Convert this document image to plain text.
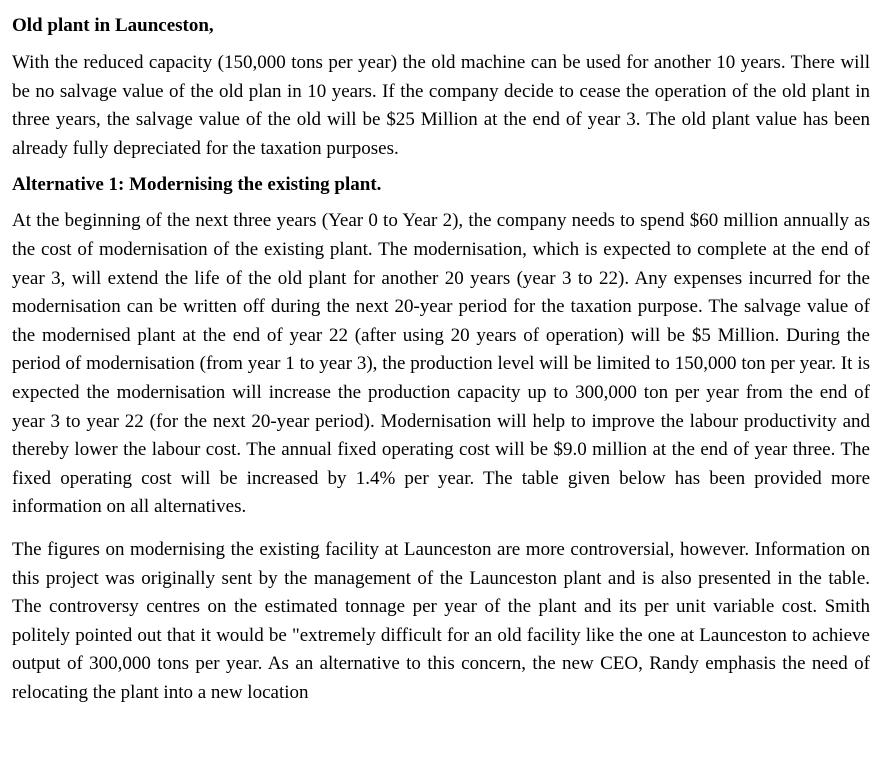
Old plant in Launceston,

With the reduced capacity (150,000 tons per year) the old machine can be used for another 10 years. There will be no salvage value of the old plan in 10 years. If the company decide to cease the operation of the old plant in three years, the salvage value of the old will be $25 Million at the end of year 3. The old plant value has been already fully depreciated for the taxation purposes.

Alternative 1: Modernising the existing plant.

At the beginning of the next three years (Year 0 to Year 2), the company needs to spend $60 million annually as the cost of modernisation of the existing plant. The modernisation, which is expected to complete at the end of year 3, will extend the life of the old plant for another 20 years (year 3 to 22). Any expenses incurred for the modernisation can be written off during the next 20-year period for the taxation purpose. The salvage value of the modernised plant at the end of year 22 (after using 20 years of operation) will be $5 Million. During the period of modernisation (from year 1 to year 3), the production level will be limited to 150,000 ton per year. It is expected the modernisation will increase the production capacity up to 300,000 ton per year from the end of year 3 to year 22 (for the next 20-year period). Modernisation will help to improve the labour productivity and thereby lower the labour cost. The annual fixed operating cost will be $9.0 million at the end of year three. The fixed operating cost will be increased by 1.4% per year. The table given below has been provided more information on all alternatives.

The figures on modernising the existing facility at Launceston are more controversial, however. Information on this project was originally sent by the management of the Launceston plant and is also presented in the table. The controversy centres on the estimated tonnage per year of the plant and its per unit variable cost. Smith politely pointed out that it would be "extremely difficult for an old facility like the one at Launceston to achieve output of 300,000 tons per year. As an alternative to this concern, the new CEO, Randy emphasis the need of relocating the plant into a new location
